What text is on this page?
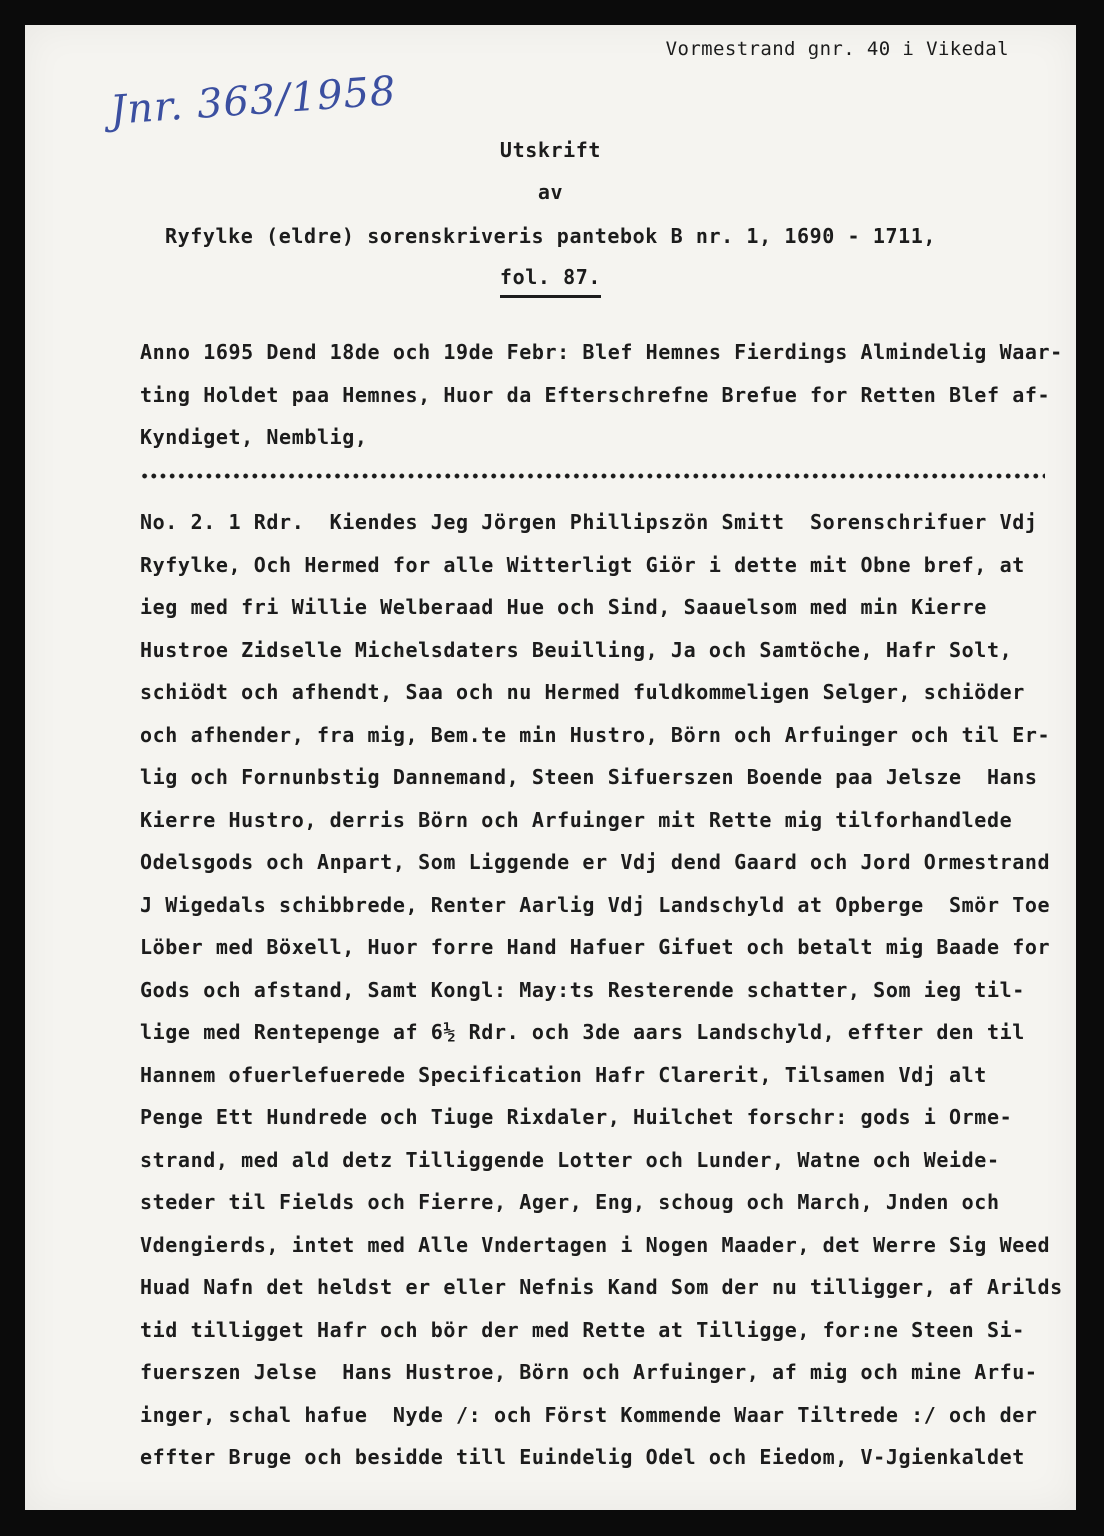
Vormestrand gnr. 40 i Vikedal
Jnr. 363/1958
Utskrift
av
Ryfylke (eldre) sorenskriveris pantebok B nr. 1, 1690 - 1711,
fol. 87.
Anno 1695 Dend 18de och 19de Febr: Blef Hemnes Fierdings Almindelig Waar-
ting Holdet paa Hemnes, Huor da Efterschrefne Brefue for Retten Blef af-
Kyndiget, Nemblig,
No. 2. 1 Rdr.  Kiendes Jeg Jörgen Phillipszön Smitt  Sorenschrifuer Vdj
Ryfylke, Och Hermed for alle Witterligt Giör i dette mit Obne bref, at
ieg med fri Willie Welberaad Hue och Sind, Saauelsom med min Kierre
Hustroe Zidselle Michelsdaters Beuilling, Ja och Samtöche, Hafr Solt,
schiödt och afhendt, Saa och nu Hermed fuldkommeligen Selger, schiöder
och afhender, fra mig, Bem.te min Hustro, Börn och Arfuinger och til Er-
lig och Fornunbstig Dannemand, Steen Sifuerszen Boende paa Jelsze  Hans
Kierre Hustro, derris Börn och Arfuinger mit Rette mig tilforhandlede
Odelsgods och Anpart, Som Liggende er Vdj dend Gaard och Jord Ormestrand
J Wigedals schibbrede, Renter Aarlig Vdj Landschyld at Opberge  Smör Toe
Löber med Böxell, Huor forre Hand Hafuer Gifuet och betalt mig Baade for
Gods och afstand, Samt Kongl: May:ts Resterende schatter, Som ieg til-
lige med Rentepenge af 6½ Rdr. och 3de aars Landschyld, effter den til
Hannem ofuerlefuerede Specification Hafr Clarerit, Tilsamen Vdj alt
Penge Ett Hundrede och Tiuge Rixdaler, Huilchet forschr: gods i Orme-
strand, med ald detz Tilliggende Lotter och Lunder, Watne och Weide-
steder til Fields och Fierre, Ager, Eng, schoug och March, Jnden och
Vdengierds, intet med Alle Vndertagen i Nogen Maader, det Werre Sig Weed
Huad Nafn det heldst er eller Nefnis Kand Som der nu tilligger, af Arilds
tid tilligget Hafr och bör der med Rette at Tilligge, for:ne Steen Si-
fuerszen Jelse  Hans Hustroe, Börn och Arfuinger, af mig och mine Arfu-
inger, schal hafue  Nyde /: och Först Kommende Waar Tiltrede :/ och der
effter Bruge och besidde till Euindelig Odel och Eiedom, V-Jgienkaldet
